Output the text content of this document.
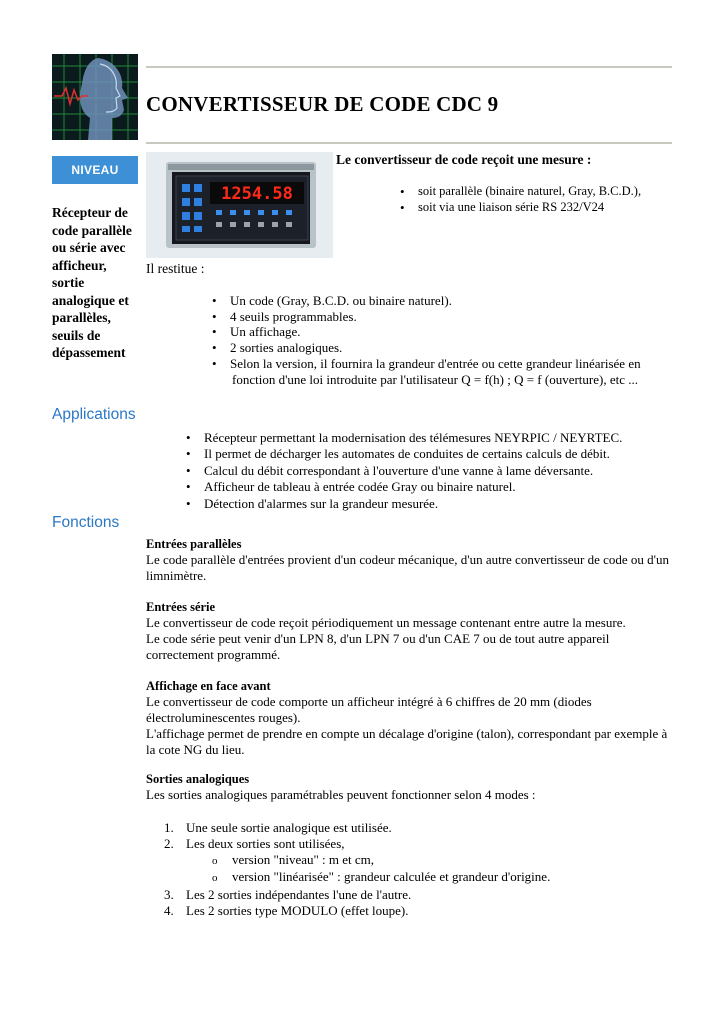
CONVERTISSEUR DE CODE CDC 9
NIVEAU
Récepteur de code parallèle ou série avec afficheur, sortie analogique et parallèles, seuils de dépassement
1254.58
Le convertisseur de code reçoit une mesure :
• soit parallèle (binaire naturel, Gray, B.C.D.),
• soit via une liaison série RS 232/V24
Il restitue :
• Un code (Gray, B.C.D. ou binaire naturel).
• 4 seuils programmables.
• Un affichage.
• 2 sorties analogiques.
• Selon la version, il fournira la grandeur d'entrée ou cette grandeur linéarisée en
fonction d'une loi introduite par l'utilisateur Q = f(h) ; Q = f (ouverture), etc ...
Applications
• Récepteur permettant la modernisation des télémesures NEYRPIC / NEYRTEC.
• Il permet de décharger les automates de conduites de certains calculs de débit.
• Calcul du débit correspondant à l'ouverture d'une vanne à lame déversante.
• Afficheur de tableau à entrée codée Gray ou binaire naturel.
• Détection d'alarmes sur la grandeur mesurée.
Fonctions
Entrées parallèles
Le code parallèle d'entrées provient d'un codeur mécanique, d'un autre convertisseur de code ou d'un limnimètre.
Entrées série
Le convertisseur de code reçoit périodiquement un message contenant entre autre la mesure.
Le code série peut venir d'un LPN 8, d'un LPN 7 ou d'un CAE 7 ou de tout autre appareil correctement programmé.
Affichage en face avant
Le convertisseur de code comporte un afficheur intégré à 6 chiffres de 20 mm (diodes électroluminescentes rouges).
L'affichage permet de prendre en compte un décalage d'origine (talon), correspondant par exemple à la cote NG du lieu.
Sorties analogiques
Les sorties analogiques paramétrables peuvent fonctionner selon 4 modes :
1. Une seule sortie analogique est utilisée.
2. Les deux sorties sont utilisées,
o version "niveau" : m et cm,
o version "linéarisée" : grandeur calculée et grandeur d'origine.
3. Les 2 sorties indépendantes l'une de l'autre.
4. Les 2 sorties type MODULO (effet loupe).
